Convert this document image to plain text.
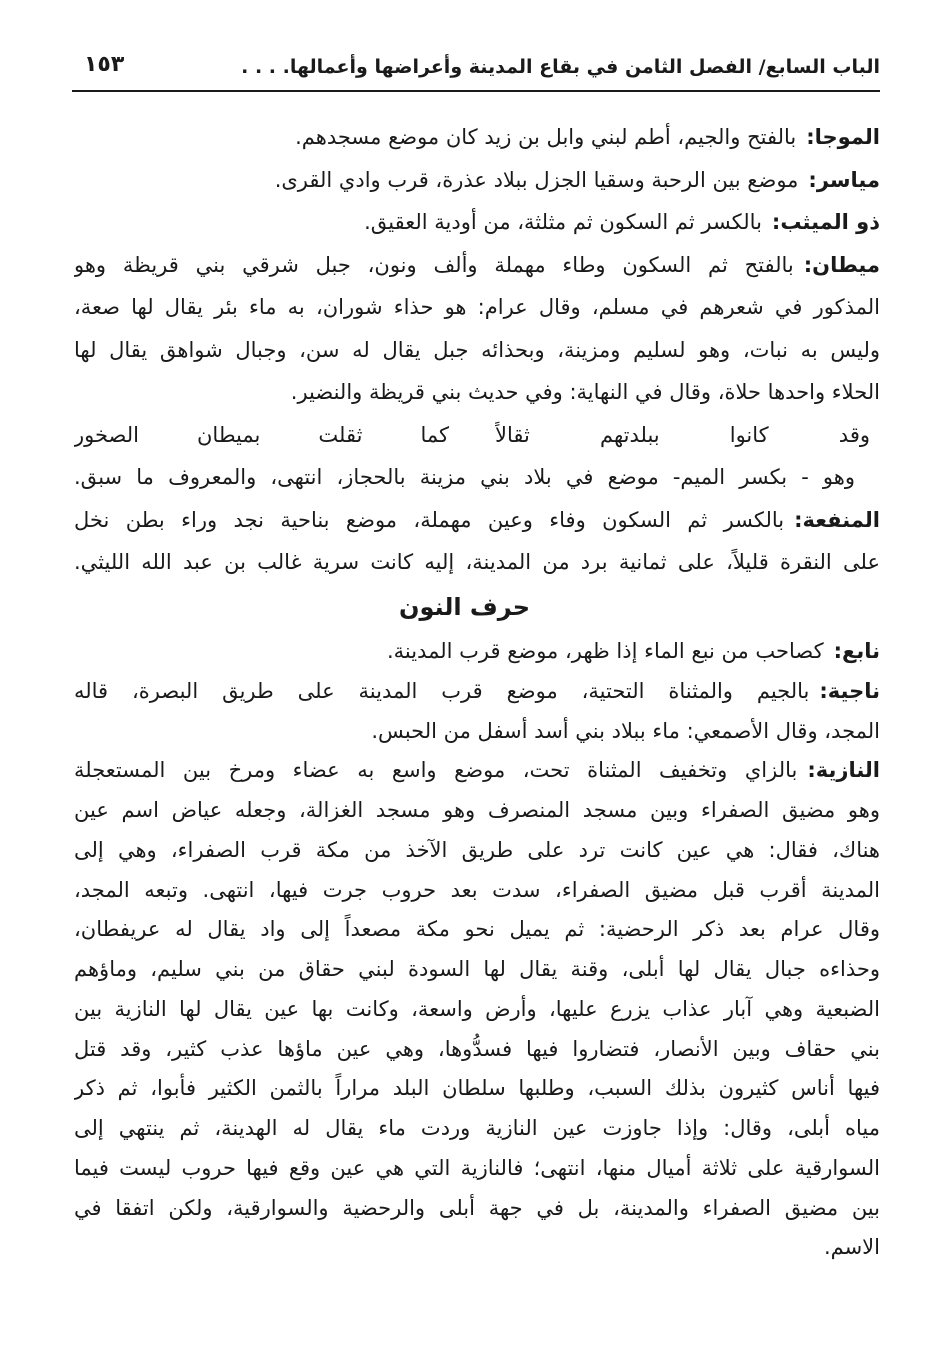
الباب السابع/ الفصل الثامن في بقاع المدينة وأعراضها وأعمالها. . . .
١٥٣
الموجا:بالفتح والجيم، أطم لبني وابل بن زيد كان موضع مسجدهم.
مياسر:موضع بين الرحبة وسقيا الجزل ببلاد عذرة، قرب وادي القرى.
ذو الميثب:بالكسر ثم السكون ثم مثلثة، من أودية العقيق.
ميطان:بالفتح ثم السكون وطاء مهملة وألف ونون، جبل شرقي بني قريظة وهو
المذكور في شعرهم في مسلم، وقال عرام: هو حذاء شوران، به ماء بئر يقال لها صعة،
وليس به نبات، وهو لسليم ومزينة، وبحذائه جبل يقال له سن، وجبال شواهق يقال لها
الحلاء واحدها حلاة، وقال في النهاية: وفي حديث بني قريظة والنضير.
وقد كانوا ببلدتهم ثقالاً
كما ثقلت بميطان الصخور
وهو - بكسر الميم- موضع في بلاد بني مزينة بالحجاز، انتهى، والمعروف ما سبق.
المنفعة:بالكسر ثم السكون وفاء وعين مهملة، موضع بناحية نجد وراء بطن نخل
على النقرة قليلاً، على ثمانية برد من المدينة، إليه كانت سرية غالب بن عبد الله الليثي.
حرف النون
نابع:كصاحب من نبع الماء إذا ظهر، موضع قرب المدينة.
ناجية:بالجيم والمثناة التحتية، موضع قرب المدينة على طريق البصرة، قاله
المجد، وقال الأصمعي: ماء ببلاد بني أسد أسفل من الحبس.
النازية:بالزاي وتخفيف المثناة تحت، موضع واسع به عضاء ومرخ بين المستعجلة
وهو مضيق الصفراء وبين مسجد المنصرف وهو مسجد الغزالة، وجعله عياض اسم عين
هناك، فقال: هي عين كانت ترد على طريق الآخذ من مكة قرب الصفراء، وهي إلى
المدينة أقرب قبل مضيق الصفراء، سدت بعد حروب جرت فيها، انتهى. وتبعه المجد،
وقال عرام بعد ذكر الرحضية: ثم يميل نحو مكة مصعداً إلى واد يقال له عريفطان،
وحذاءه جبال يقال لها أبلى، وقنة يقال لها السودة لبني حقاق من بني سليم، وماؤهم
الضبعية وهي آبار عذاب يزرع عليها، وأرض واسعة، وكانت بها عين يقال لها النازية بين
بني حقاف وبين الأنصار، فتضاروا فيها فسدُّوها، وهي عين ماؤها عذب كثير، وقد قتل
فيها أناس كثيرون بذلك السبب، وطلبها سلطان البلد مراراً بالثمن الكثير فأبوا، ثم ذكر
مياه أبلى، وقال: وإذا جاوزت عين النازية وردت ماء يقال له الهدينة، ثم ينتهي إلى
السوارقية على ثلاثة أميال منها، انتهى؛ فالنازية التي هي عين وقع فيها حروب ليست فيما
بين مضيق الصفراء والمدينة، بل في جهة أبلى والرحضية والسوارقية، ولكن اتفقا في
الاسم.
